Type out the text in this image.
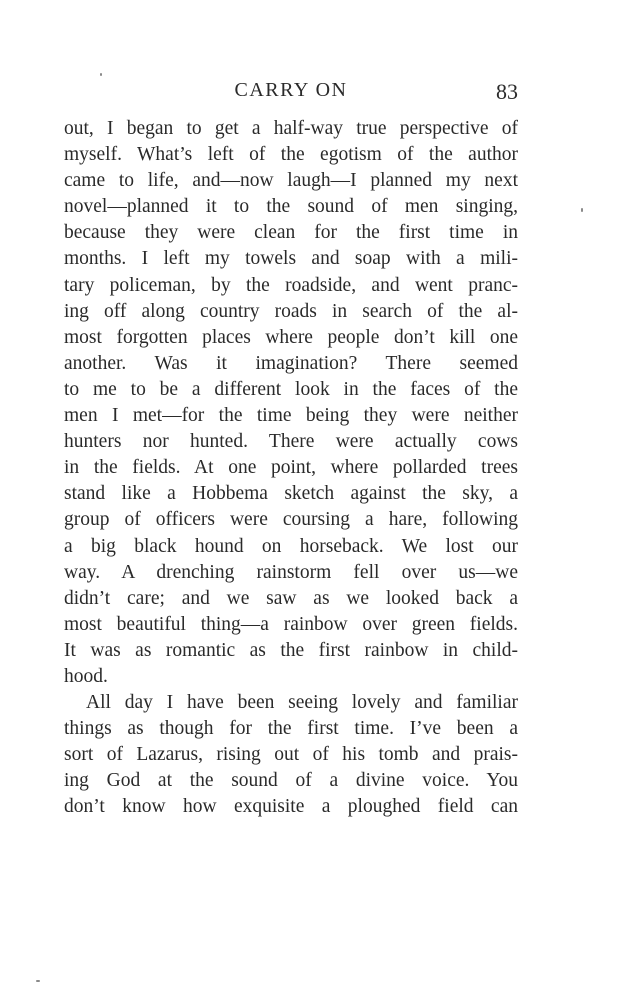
CARRY ON	83
out, I began to get a half-way true perspective of
myself. What’s left of the egotism of the author
came to life, and—now laugh—I planned my next
novel—planned it to the sound of men singing,
because they were clean for the first time in
months. I left my towels and soap with a mili-
tary policeman, by the roadside, and went pranc-
ing off along country roads in search of the al-
most forgotten places where people don’t kill one
another. Was it imagination? There seemed
to me to be a different look in the faces of the
men I met—for the time being they were neither
hunters nor hunted. There were actually cows
in the fields. At one point, where pollarded trees
stand like a Hobbema sketch against the sky, a
group of officers were coursing a hare, following
a big black hound on horseback. We lost our
way. A drenching rainstorm fell over us—we
didn’t care; and we saw as we looked back a
most beautiful thing—a rainbow over green fields.
It was as romantic as the first rainbow in child-
hood.
All day I have been seeing lovely and familiar
things as though for the first time. I’ve been a
sort of Lazarus, rising out of his tomb and prais-
ing God at the sound of a divine voice. You
don’t know how exquisite a ploughed field can
